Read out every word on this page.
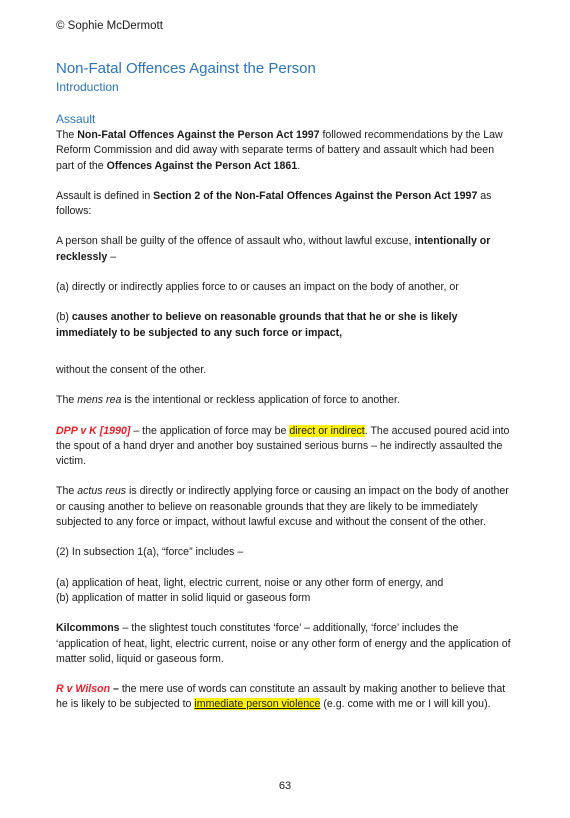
© Sophie McDermott
Non-Fatal Offences Against the Person
Introduction
Assault

The Non-Fatal Offences Against the Person Act 1997 followed recommendations by the Law Reform Commission and did away with separate terms of battery and assault which had been part of the Offences Against the Person Act 1861.

Assault is defined in Section 2 of the Non-Fatal Offences Against the Person Act 1997 as follows:

A person shall be guilty of the offence of assault who, without lawful excuse, intentionally or recklessly –

(a) directly or indirectly applies force to or causes an impact on the body of another, or

(b) causes another to believe on reasonable grounds that that he or she is likely immediately to be subjected to any such force or impact,

without the consent of the other.

The mens rea is the intentional or reckless application of force to another.

DPP v K [1990] – the application of force may be direct or indirect. The accused poured acid into the spout of a hand dryer and another boy sustained serious burns – he indirectly assaulted the victim.

The actus reus is directly or indirectly applying force or causing an impact on the body of another or causing another to believe on reasonable grounds that they are likely to be immediately subjected to any force or impact, without lawful excuse and without the consent of the other.

(2) In subsection 1(a), “force” includes –

(a) application of heat, light, electric current, noise or any other form of energy, and
(b) application of matter in solid liquid or gaseous form

Kilcommons – the slightest touch constitutes ‘force’ – additionally, ‘force’ includes the ‘application of heat, light, electric current, noise or any other form of energy and the application of matter solid, liquid or gaseous form.

R v Wilson – the mere use of words can constitute an assault by making another to believe that he is likely to be subjected to immediate person violence (e.g. come with me or I will kill you).

63
